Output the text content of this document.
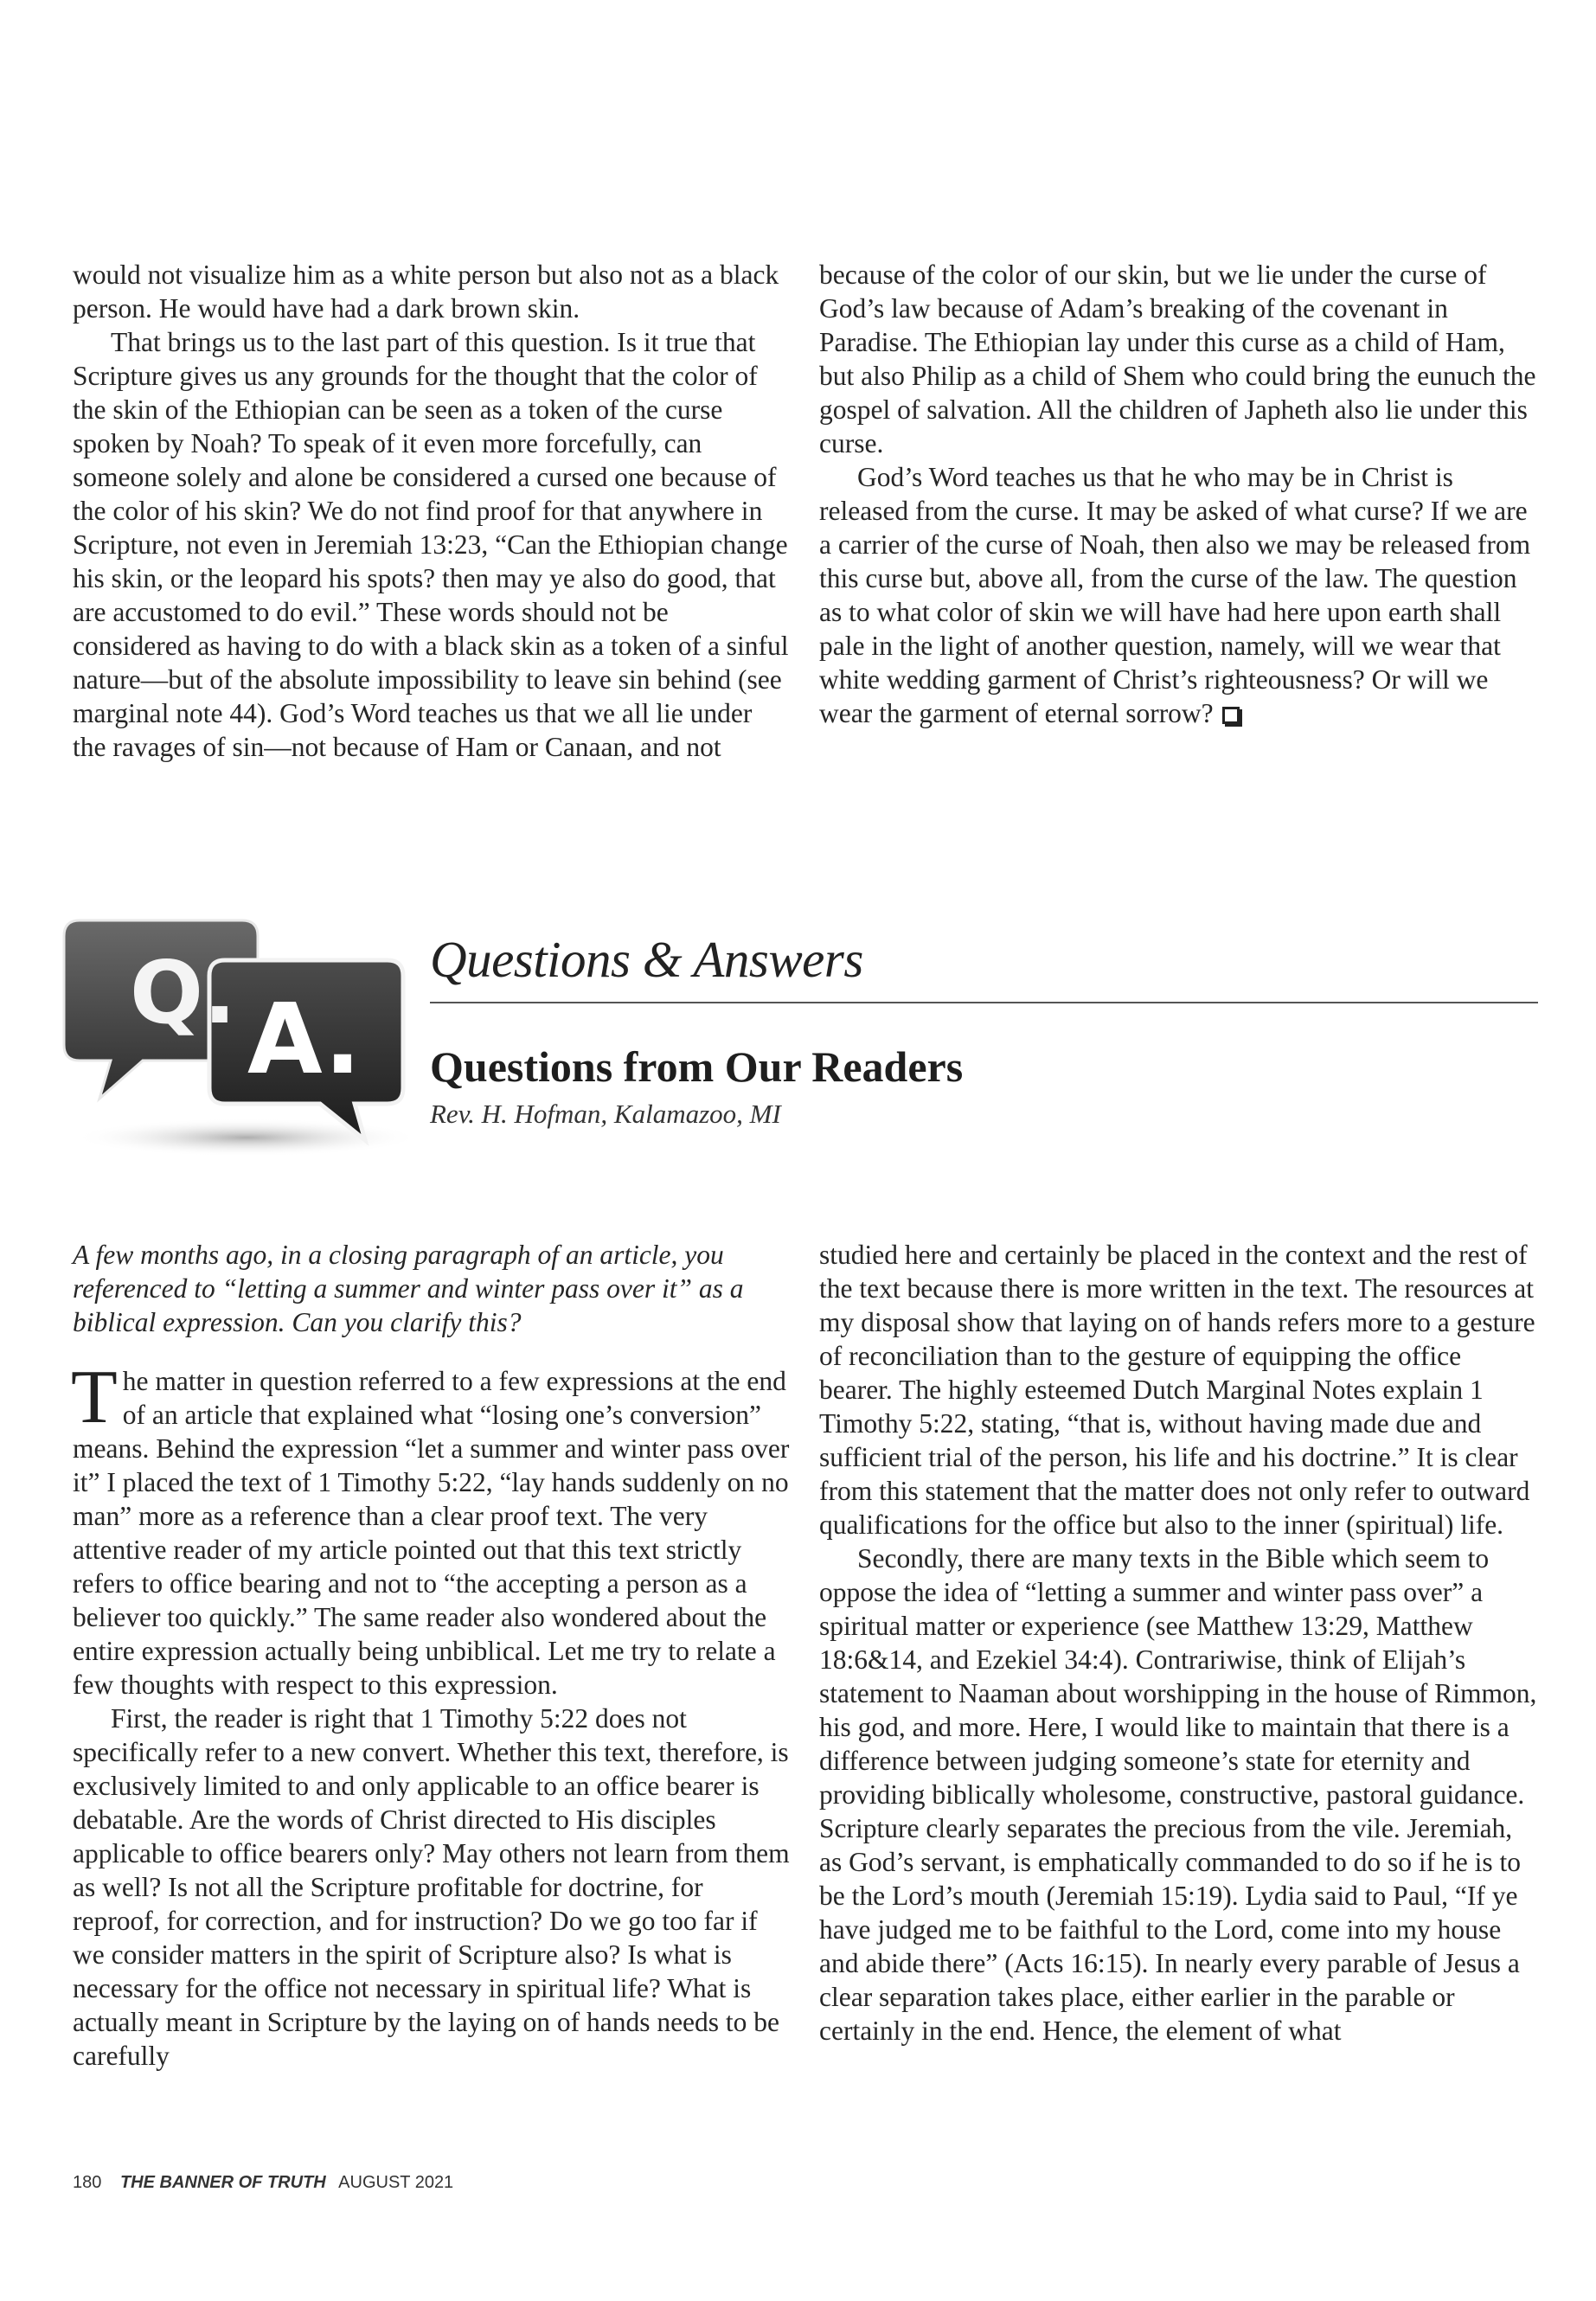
would not visualize him as a white person but also not as a black person. He would have had a dark brown skin.

That brings us to the last part of this question. Is it true that Scripture gives us any grounds for the thought that the color of the skin of the Ethiopian can be seen as a token of the curse spoken by Noah? To speak of it even more forcefully, can someone solely and alone be considered a cursed one because of the color of his skin? We do not find proof for that anywhere in Scripture, not even in Jeremiah 13:23, “Can the Ethiopian change his skin, or the leopard his spots? then may ye also do good, that are accustomed to do evil.” These words should not be considered as having to do with a black skin as a token of a sinful nature—but of the absolute impossibility to leave sin behind (see marginal note 44). God’s Word teaches us that we all lie under the ravages of sin—not because of Ham or Canaan, and not

because of the color of our skin, but we lie under the curse of God’s law because of Adam’s breaking of the covenant in Paradise. The Ethiopian lay under this curse as a child of Ham, but also Philip as a child of Shem who could bring the eunuch the gospel of salvation. All the children of Japheth also lie under this curse.

God’s Word teaches us that he who may be in Christ is released from the curse. It may be asked of what curse? If we are a carrier of the curse of Noah, then also we may be released from this curse but, above all, from the curse of the law. The question as to what color of skin we will have had here upon earth shall pale in the light of another question, namely, will we wear that white wedding garment of Christ’s righteousness? Or will we wear the garment of eternal sorrow?

Q. A.
Questions & Answers
Questions from Our Readers
Rev. H. Hofman, Kalamazoo, MI

A few months ago, in a closing paragraph of an article, you referenced to “letting a summer and winter pass over it” as a biblical expression. Can you clarify this?

The matter in question referred to a few expressions at the end of an article that explained what “losing one’s conversion” means. Behind the expression “let a summer and winter pass over it” I placed the text of 1 Timothy 5:22, “lay hands suddenly on no man” more as a reference than a clear proof text. The very attentive reader of my article pointed out that this text strictly refers to office bearing and not to “the accepting a person as a believer too quickly.” The same reader also wondered about the entire expression actually being unbiblical. Let me try to relate a few thoughts with respect to this expression.

First, the reader is right that 1 Timothy 5:22 does not specifically refer to a new convert. Whether this text, therefore, is exclusively limited to and only applicable to an office bearer is debatable. Are the words of Christ directed to His disciples applicable to office bearers only? May others not learn from them as well? Is not all the Scripture profitable for doctrine, for reproof, for correction, and for instruction? Do we go too far if we consider matters in the spirit of Scripture also? Is what is necessary for the office not necessary in spiritual life? What is actually meant in Scripture by the laying on of hands needs to be carefully

studied here and certainly be placed in the context and the rest of the text because there is more written in the text. The resources at my disposal show that laying on of hands refers more to a gesture of reconciliation than to the gesture of equipping the office bearer. The highly esteemed Dutch Marginal Notes explain 1 Timothy 5:22, stating, “that is, without having made due and sufficient trial of the person, his life and his doctrine.” It is clear from this statement that the matter does not only refer to outward qualifications for the office but also to the inner (spiritual) life.

Secondly, there are many texts in the Bible which seem to oppose the idea of “letting a summer and winter pass over” a spiritual matter or experience (see Matthew 13:29, Matthew 18:6&14, and Ezekiel 34:4). Contrariwise, think of Elijah’s statement to Naaman about worshipping in the house of Rimmon, his god, and more. Here, I would like to maintain that there is a difference between judging someone’s state for eternity and providing biblically wholesome, constructive, pastoral guidance. Scripture clearly separates the precious from the vile. Jeremiah, as God’s servant, is emphatically commanded to do so if he is to be the Lord’s mouth (Jeremiah 15:19). Lydia said to Paul, “If ye have judged me to be faithful to the Lord, come into my house and abide there” (Acts 16:15). In nearly every parable of Jesus a clear separation takes place, either earlier in the parable or certainly in the end. Hence, the element of what

180 THE BANNER OF TRUTH AUGUST 2021
